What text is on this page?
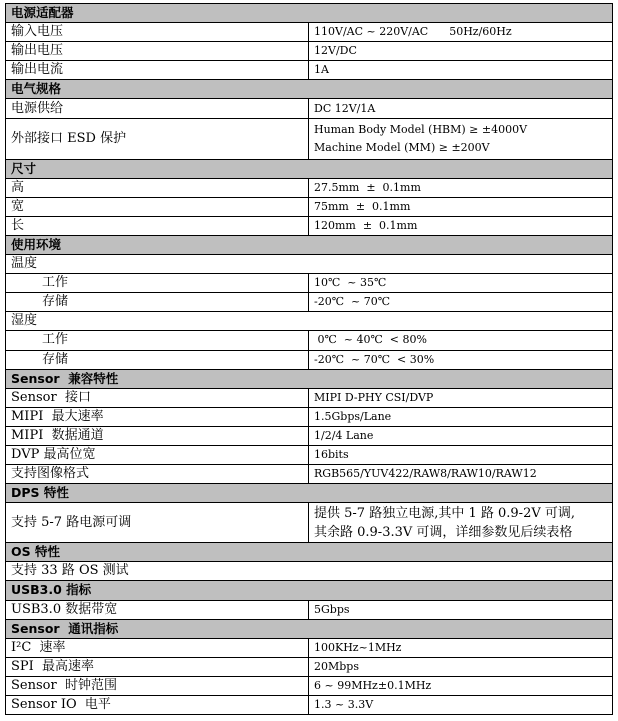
电源适配器	
输入电压	110V/AC ~ 220V/AC      50Hz/60Hz
输出电压	12V/DC
输出电流	1A
电气规格	
电源供给	DC 12V/1A
外部接口 ESD 保护	Human Body Model (HBM) ≥ ±4000V
Machine Model (MM) ≥ ±200V

尺寸	
高	27.5mm  ±  0.1mm
宽	75mm  ±  0.1mm
长	120mm  ±  0.1mm
使用环境	
温度	
工作	10℃  ~ 35℃
存储	-20℃  ~ 70℃
湿度	
工作	0℃  ~ 40℃  < 80%
存储	-20℃  ~ 70℃  < 30%
Sensor  兼容特性	
Sensor  接口	MIPI D-PHY CSI/DVP
MIPI  最大速率	1.5Gbps/Lane
MIPI  数据通道	1/2/4 Lane
DVP 最高位宽	16bits
支持图像格式	RGB565/YUV422/RAW8/RAW10/RAW12
DPS 特性	
支持 5-7 路电源可调	提供 5-7 路独立电源,其中 1 路 0.9-2V 可调,
其余路 0.9-3.3V 可调，详细参数见后续表格

OS 特性	
支持 33 路 OS 测试	
USB3.0 指标	
USB3.0 数据带宽	5Gbps
Sensor  通讯指标	
I²C  速率	100KHz~1MHz
SPI  最高速率	20Mbps
Sensor  时钟范围	6 ~ 99MHz±0.1MHz
Sensor IO  电平	1.3 ~ 3.3V
